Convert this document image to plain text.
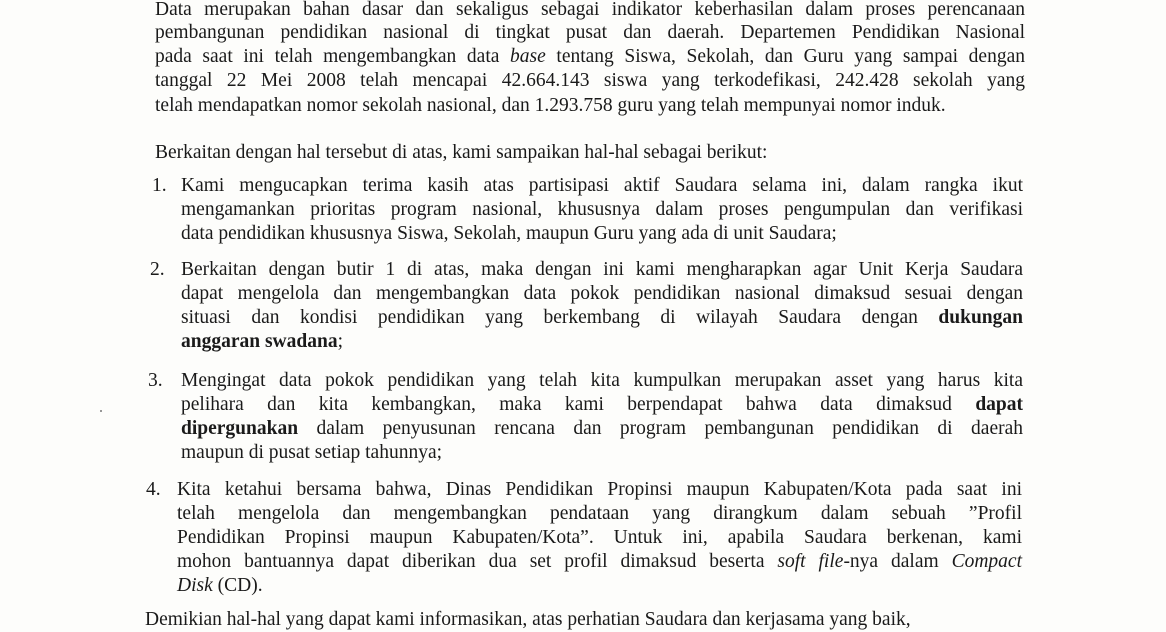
Data merupakan bahan dasar dan sekaligus sebagai indikator keberhasilan dalam proses perencanaan
pembangunan pendidikan nasional di tingkat pusat dan daerah. Departemen Pendidikan Nasional
pada saat ini telah mengembangkan data base tentang Siswa, Sekolah, dan Guru yang sampai dengan
tanggal 22 Mei 2008 telah mencapai 42.664.143 siswa yang terkodefikasi, 242.428 sekolah yang
telah mendapatkan nomor sekolah nasional, dan 1.293.758 guru yang telah mempunyai nomor induk.
Berkaitan dengan hal tersebut di atas, kami sampaikan hal-hal sebagai berikut:
1. Kami mengucapkan terima kasih atas partisipasi aktif Saudara selama ini, dalam rangka ikut
mengamankan prioritas program nasional, khususnya dalam proses pengumpulan dan verifikasi
data pendidikan khususnya Siswa, Sekolah, maupun Guru yang ada di unit Saudara;
2. Berkaitan dengan butir 1 di atas, maka dengan ini kami mengharapkan agar Unit Kerja Saudara
dapat mengelola dan mengembangkan data pokok pendidikan nasional dimaksud sesuai dengan
situasi dan kondisi pendidikan yang berkembang di wilayah Saudara dengan dukungan
anggaran swadana;
3. Mengingat data pokok pendidikan yang telah kita kumpulkan merupakan asset yang harus kita
pelihara dan kita kembangkan, maka kami berpendapat bahwa data dimaksud dapat
dipergunakan dalam penyusunan rencana dan program pembangunan pendidikan di daerah
maupun di pusat setiap tahunnya;
4. Kita ketahui bersama bahwa, Dinas Pendidikan Propinsi maupun Kabupaten/Kota pada saat ini
telah mengelola dan mengembangkan pendataan yang dirangkum dalam sebuah ”Profil
Pendidikan Propinsi maupun Kabupaten/Kota”. Untuk ini, apabila Saudara berkenan, kami
mohon bantuannya dapat diberikan dua set profil dimaksud beserta soft file-nya dalam Compact
Disk (CD).
Demikian hal-hal yang dapat kami informasikan, atas perhatian Saudara dan kerjasama yang baik,
